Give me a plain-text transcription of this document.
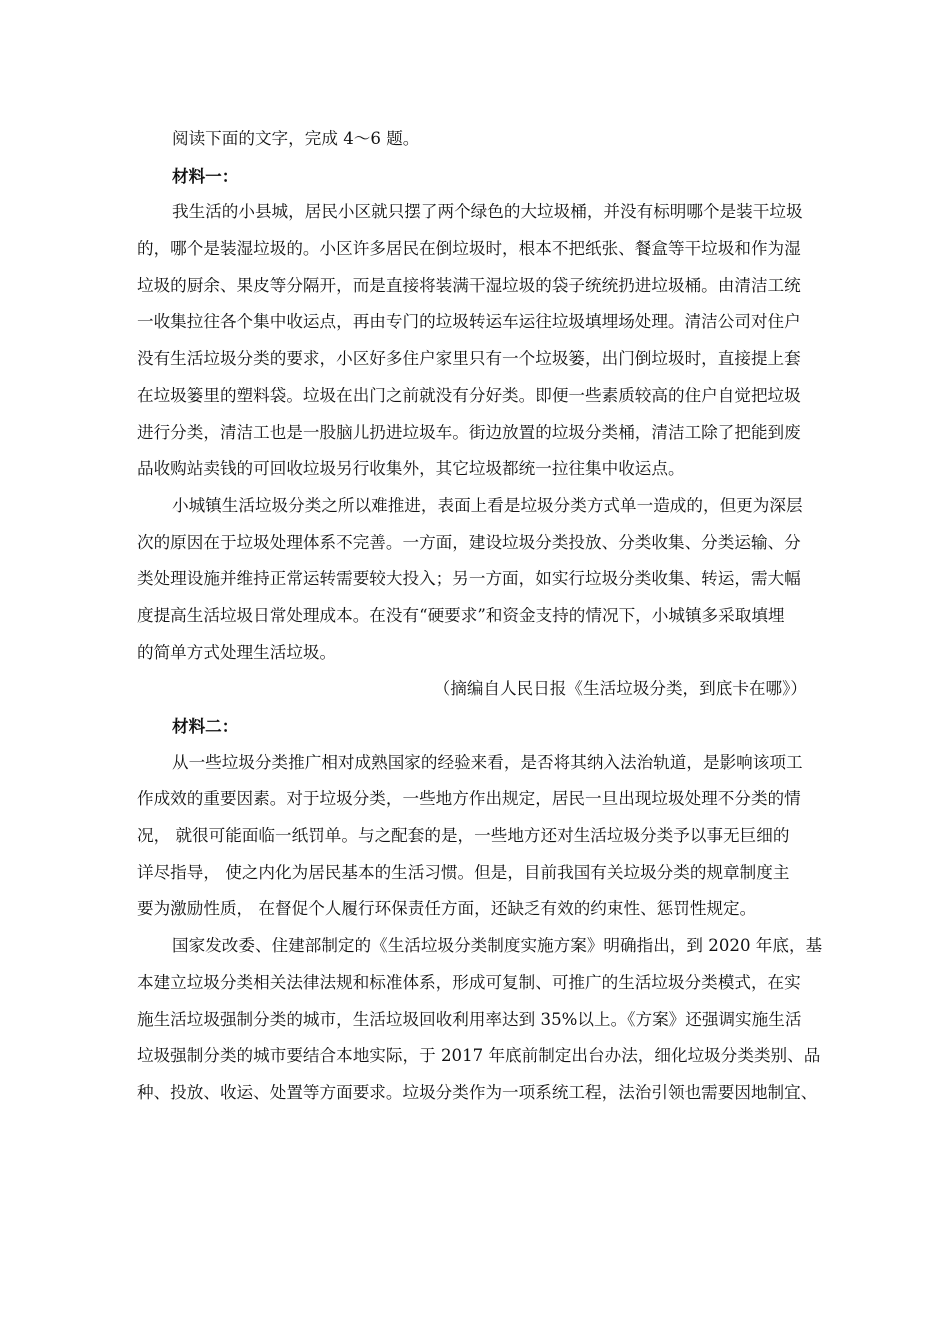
阅读下面的文字，完成 4～6 题。
材料一：
我生活的小县城，居民小区就只摆了两个绿色的大垃圾桶，并没有标明哪个是装干垃圾
的，哪个是装湿垃圾的。小区许多居民在倒垃圾时，根本不把纸张、餐盒等干垃圾和作为湿
垃圾的厨余、果皮等分隔开，而是直接将装满干湿垃圾的袋子统统扔进垃圾桶。由清洁工统
一收集拉往各个集中收运点，再由专门的垃圾转运车运往垃圾填埋场处理。清洁公司对住户
没有生活垃圾分类的要求，小区好多住户家里只有一个垃圾篓，出门倒垃圾时，直接提上套
在垃圾篓里的塑料袋。垃圾在出门之前就没有分好类。即便一些素质较高的住户自觉把垃圾
进行分类，清洁工也是一股脑儿扔进垃圾车。街边放置的垃圾分类桶，清洁工除了把能到废
品收购站卖钱的可回收垃圾另行收集外，其它垃圾都统一拉往集中收运点。
小城镇生活垃圾分类之所以难推进，表面上看是垃圾分类方式单一造成的，但更为深层
次的原因在于垃圾处理体系不完善。一方面，建设垃圾分类投放、分类收集、分类运输、分
类处理设施并维持正常运转需要较大投入；另一方面，如实行垃圾分类收集、转运，需大幅
度提高生活垃圾日常处理成本。在没有“硬要求”和资金支持的情况下，小城镇多采取填埋
的简单方式处理生活垃圾。
（摘编自人民日报《生活垃圾分类，到底卡在哪》）
材料二：
从一些垃圾分类推广相对成熟国家的经验来看，是否将其纳入法治轨道，是影响该项工
作成效的重要因素。对于垃圾分类，一些地方作出规定，居民一旦出现垃圾处理不分类的情
况， 就很可能面临一纸罚单。与之配套的是，一些地方还对生活垃圾分类予以事无巨细的
详尽指导， 使之内化为居民基本的生活习惯。但是，目前我国有关垃圾分类的规章制度主
要为激励性质， 在督促个人履行环保责任方面，还缺乏有效的约束性、惩罚性规定。
国家发改委、住建部制定的《生活垃圾分类制度实施方案》明确指出，到 2020 年底，基
本建立垃圾分类相关法律法规和标准体系，形成可复制、可推广的生活垃圾分类模式，在实
施生活垃圾强制分类的城市，生活垃圾回收利用率达到 35%以上。《方案》还强调实施生活
垃圾强制分类的城市要结合本地实际，于 2017 年底前制定出台办法，细化垃圾分类类别、品
种、投放、收运、处置等方面要求。垃圾分类作为一项系统工程，法治引领也需要因地制宜、
